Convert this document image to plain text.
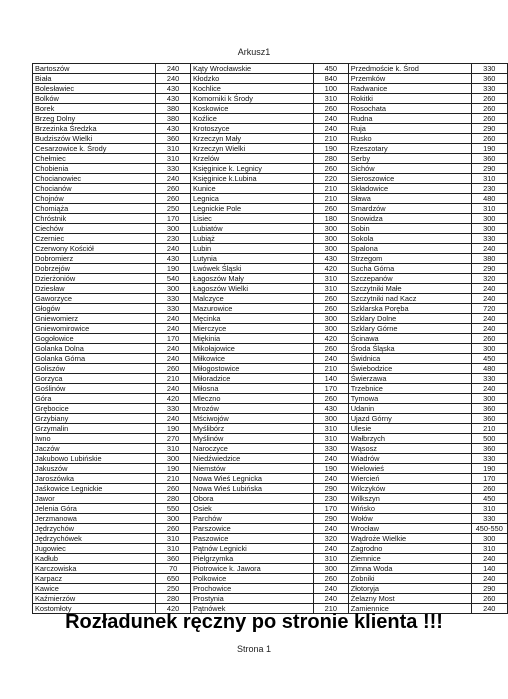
Arkusz1
Bartoszów	240	Kąty Wrocławskie	450	Przedmoście k. Środ	330
Biała	240	Kłodzko	840	Przemków	360
Bolesławiec	430	Kochlice	100	Radwanice	330
Bolków	430	Komorniki k Środy	310	Rokitki	260
Borek	380	Koskowice	260	Rosochata	260
Brzeg Dolny	380	Koźlice	240	Rudna	260
Brzezinka Średzka	430	Krotoszyce	240	Ruja	290
Budziszów Wielki	360	Krzeczyn Mały	210	Rusko	260
Cesarzowice k. Środy	310	Krzeczyn Wielki	190	Rzeszotary	190
Chełmiec	310	Krzelów	280	Serby	360
Chobienia	330	Księginice k. Legnicy	260	Sichów	290
Chocianowiec	240	Księginice k.Lubina	220	Sieroszowice	310
Chocianów	260	Kunice	210	Składowice	230
Chojnów	260	Legnica	210	Sława	480
Chomiąża	250	Legnickie Pole	260	Smardzów	310
Chróstnik	170	Lisiec	180	Snowidza	300
Ciechów	300	Lubiatów	300	Sobin	300
Czerniec	230	Lubiąż	300	Sokola	330
Czerwony Kościół	240	Lubin	300	Spalona	240
Dobromierz	430	Lutynia	430	Strzegom	380
Dobrzejów	190	Lwówek Śląski	420	Sucha Górna	290
Dzierżoniów	540	Łagoszów Mały	310	Szczepanów	320
Dziesław	300	Łagoszów Wielki	310	Szczytniki Małe	240
Gaworzyce	330	Malczyce	260	Szczytniki nad Kacz	240
Głogów	330	Mazurowice	260	Szklarska Poręba	720
Gniewomierz	240	Męcinka	300	Szklary Dolne	240
Gniewomirowice	240	Mierczyce	300	Szklary Górne	240
Gogołowice	170	Miękinia	420	Ścinawa	260
Golanka Dolna	240	Mikołajowice	260	Środa Śląska	300
Golanka Górna	240	Miłkowice	240	Świdnica	450
Goliszów	260	Miłogostowice	210	Świebodzice	480
Gorzyca	210	Miłoradzice	140	Świerzawa	330
Goślinów	240	Miłosna	170	Trzebnice	240
Góra	420	Mleczno	260	Tymowa	300
Grębocice	330	Mrozów	430	Udanin	360
Grzybiany	240	Mściwojów	300	Ujazd Górny	360
Grzymalin	190	Myślibórz	310	Ulesie	210
Iwno	270	Myślinów	310	Wałbrzych	500
Jaczów	310	Naroczyce	330	Wąsosz	360
Jakubowo Lubińskie	300	Niedźwiedzice	240	Wiadrów	330
Jakuszów	190	Niemstów	190	Wielowieś	190
Jaroszówka	210	Nowa Wieś Legnicka	240	Wiercień	170
Jaśkowice Legnickie	260	Nowa Wieś Lubińska	290	Wilczyków	260
Jawor	280	Obora	230	Wilkszyn	450
Jelenia Góra	550	Osiek	170	Wińsko	310
Jerzmanowa	300	Parchów	290	Wołów	330
Jędrzychów	260	Parszowice	240	Wrocław	450-550
Jędrzychówek	310	Paszowice	320	Wądroże Wielkie	300
Jugowiec	310	Pątnów Legnicki	240	Zagrodno	310
Kadłub	360	Pielgrzymka	310	Ziemnice	240
Karczowiska	70	Piotrowice k. Jawora	300	Zimna Woda	140
Karpacz	650	Polkowice	260	Zobniki	240
Kawice	250	Prochowice	240	Złotoryja	290
Kaźmierzów	280	Prostynia	240	Żelazny Most	260
Kostomłoty	420	Pątnówek	210	Zamiennice	240
Rozładunek ręczny po stronie klienta !!!
Strona 1
